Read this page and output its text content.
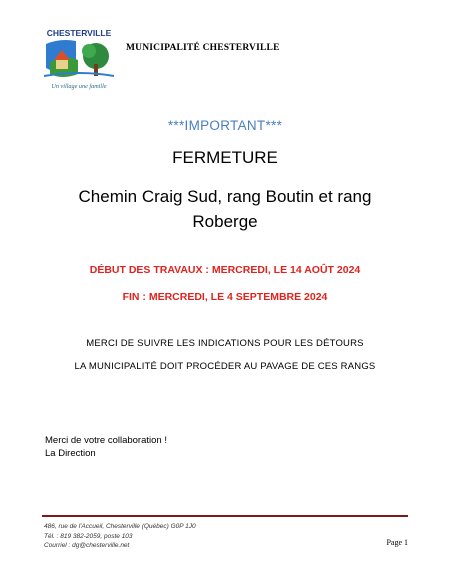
CHESTERVILLE
Un village une famille
MUNICIPALITÉ CHESTERVILLE
***IMPORTANT***
FERMETURE
Chemin Craig Sud, rang Boutin et rang Roberge
DÉBUT DES TRAVAUX : MERCREDI, LE 14 AOÛT 2024
FIN : MERCREDI, LE 4 SEPTEMBRE 2024
MERCI DE SUIVRE LES INDICATIONS POUR LES DÉTOURS
LA MUNICIPALITÉ DOIT PROCÉDER AU PAVAGE DE CES RANGS
Merci de votre collaboration !
La Direction
486, rue de l'Accueil, Chesterville (Québec) G0P 1J0
Tél. : 819 382-2059, poste 103
Courriel : dg@chesterville.net	Page 1
